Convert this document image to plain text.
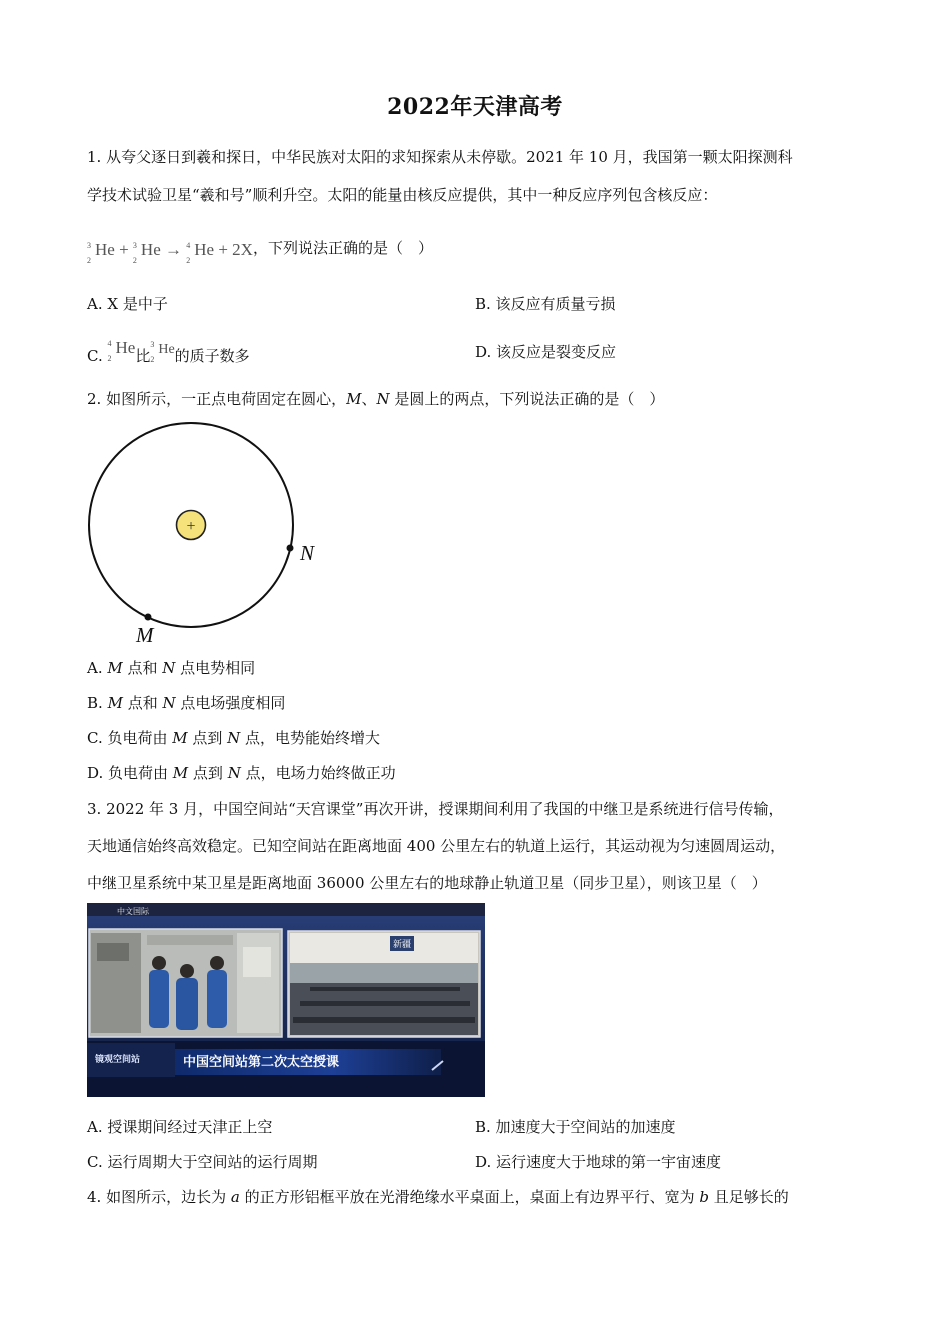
2022年天津高考
1. 从夸父逐日到羲和探日，中华民族对太阳的求知探索从未停歇。2021 年 10 月，我国第一颗太阳探测科
学技术试验卫星“羲和号”顺利升空。太阳的能量由核反应提供，其中一种反应序列包含核反应：
3
2
He + 3
2
He → 4
2
He + 2X，下列说法正确的是（　）
A. X 是中子	B. 该反应有质量亏损
C.
4
2
He比
3
2
He的质子数多	D. 该反应是裂变反应
2. 如图所示，一正点电荷固定在圆心，M、N 是圆上的两点，下列说法正确的是（　）
+
N
M
A. M 点和 N 点电势相同
B. M 点和 N 点电场强度相同
C. 负电荷由 M 点到 N 点，电势能始终增大
D. 负电荷由 M 点到 N 点，电场力始终做正功
3. 2022 年 3 月，中国空间站“天宫课堂”再次开讲，授课期间利用了我国的中继卫是系统进行信号传输，
天地通信始终高效稳定。已知空间站在距离地面 400 公里左右的轨道上运行，其运动视为匀速圆周运动，
中继卫星系统中某卫星是距离地面 36000 公里左右的地球静止轨道卫星（同步卫星），则该卫星（　）
中文国际
新疆
镜观空间站	中国空间站第二次太空授课
A. 授课期间经过天津正上空	B. 加速度大于空间站的加速度
C. 运行周期大于空间站的运行周期	D. 运行速度大于地球的第一宇宙速度
4. 如图所示，边长为 a 的正方形铝框平放在光滑绝缘水平桌面上，桌面上有边界平行、宽为 b 且足够长的
